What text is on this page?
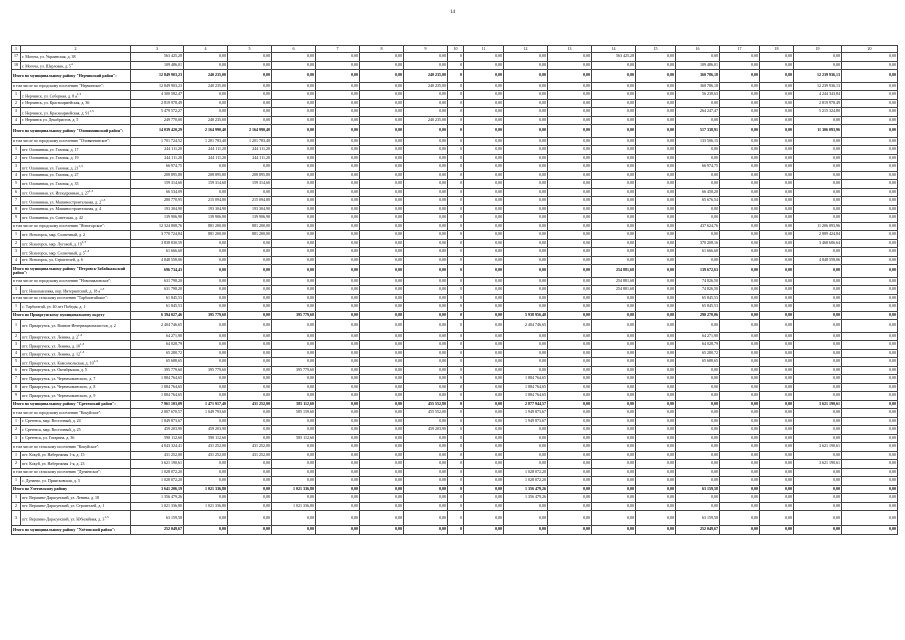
14
1	2	3	4	5	6	7	8	9	10	11	12	13	14	15	16	17	18	19	20
17	г. Могоча, ул. Украинская, д. 38	563 425,28	0,00	0,00	0,00	0,00	0,00	0,00	0	0,00	0,00	0,00	563 425,28	0,00	0,00	0,00	0,00	0,00	0,00
18	г. Могоча, ул. Шерловая, д. $5^4$	109 486,01	0,00	0,00	0,00	0,00	0,00	0,00	0	0,00	0,00	0,00	0,00	0,00	109 486,01	0,00	0,00	0,00	0,00
Итого по муниципальному району "Нерчинский район":		12 849 903,23	240 235,00	0,00	0,00	0,00	0,00	240 235,00	0	0,00	0,00	0,00	0,00	0,00	360 786,18	0,00	0,00	12 239 936,13	0,00
в том числе по городскому поселению "Нерчинское":		12 849 903,23	240 235,00	0,00	0,00	0,00	0,00	240 235,00	0	0,00	0,00	0,00	0,00	0,00	360 786,18	0,00	0,00	12 239 936,13	0,00
1	г. Нерчинск, ул. Соборная, д. 8 $а^{1,3}$	4 300 582,47	0,00	0,00	0,00	0,00	0,00	0,00	0	0,00	0,00	0,00	0,00	0,00	56 238,63	0,00	0,00	4 244 343,84	0,00
2	г. Нерчинск, ул. Красноармейская, д. 36	2 819 978,49	0,00	0,00	0,00	0,00	0,00	0,00	0	0,00	0,00	0,00	0,00	0,00	0,00	0,00	0,00	2 819 978,49	0,00
3	г. Нерчинск, ул. Красноармейская, д. 91$^{1,3}$	5 479 572,27	0,00	0,00	0,00	0,00	0,00	0,00	0	0,00	0,00	0,00	0,00	0,00	264 247,47	0,00	0,00	5 215 324,80	0,00
4	г. Нерчинск ул. Декабристов, д. 5	249 770,00	240 235,00	0,00	0,00	0,00	0,00	240 235,00	0	0,00	0,00	0,00	0,00	0,00	0,00	0,00	0,00	0,00	0,00
Итого по муниципальному району "Оловяннинский район":		14 039 420,29	2 164 990,40	2 164 990,40	0,00	0,00	0,00	0,00	0	0,00	0,00	0,00	0,00	0,00	517 338,91	0,00	0,00	11 306 093,96	0,00
в том числе по городскому поселению "Оловяннинское":		1 701 724,52	1 201 783,40	1 201 783,40	0,00	0,00	0,00	0,00	0	0,00	0,00	0,00	0,00	0,00	133 506,15	0,00	0,00	0,00	0,00
1	пгт. Оловянная, ул. Газовая, д. 17	244 111,20	244 111,20	244 111,20	0,00	0,00	0,00	0,00	0	0,00	0,00	0,00	0,00	0,00	0,00	0,00	0,00	0,00	0,00
2	пгт. Оловянная, ул. Газовая, д. 19	244 111,20	244 111,20	244 111,20	0,00	0,00	0,00	0,00	0	0,00	0,00	0,00	0,00	0,00	0,00	0,00	0,00	0,00	0,00
3	пгт. Оловянная, ул. Газовая, д. 21$^{1,3}$	66 974,75	0,00	0,00	0,00	0,00	0,00	0,00	0	0,00	0,00	0,00	0,00	0,00	66 974,75	0,00	0,00	0,00	0,00
4	пгт. Оловянная, ул. Газовая, д. 27	208 895,80	208 895,80	208 895,80	0,00	0,00	0,00	0,00	0	0,00	0,00	0,00	0,00	0,00	0,00	0,00	0,00	0,00	0,00
5	пгт. Оловянная, ул. Газовая, д. 35	159 314,60	159 314,60	159 314,60	0,00	0,00	0,00	0,00	0	0,00	0,00	0,00	0,00	0,00	0,00	0,00	0,00	0,00	0,00
6	пгт. Оловянная, ул. Ипподромная, д. 27$^{1,3}$	66 534,09	0,00	0,00	0,00	0,00	0,00	0,00	0	0,00	0,00	0,00	0,00	0,00	66 458,20	0,00	0,00	0,00	0,00
7	пгт. Оловянная, ул. Машиностроительная, д. 2$^{1,3}$	280 770,95	215 094,80	215 094,80	0,00	0,00	0,00	0,00	0	0,00	0,00	0,00	0,00	0,00	65 676,54	0,00	0,00	0,00	0,00
8	пгт. Оловянная, ул. Машиностроительная, д. 4	193 304,90	193 304,90	193 304,90	0,00	0,00	0,00	0,00	0	0,00	0,00	0,00	0,00	0,00	0,00	0,00	0,00	0,00	0,00
9	пгт. Оловянная, ул. Советская, д. 42	139 906,90	139 906,90	139 906,90	0,00	0,00	0,00	0,00	0	0,00	0,00	0,00	0,00	0,00	0,00	0,00	0,00	0,00	0,00
в том числе по городскому поселению "Ясногорское":		12 324 808,76	881 200,00	881 200,00	0,00	0,00	0,00	0,00	0	0,00	0,00	0,00	0,00	0,00	437 624,76	0,00	0,00	11 206 093,96	0,00
1	пгт. Ясногорск, мкр. Солнечный, д. 2	3 770 724,84	881 200,00	881 200,00	0,00	0,00	0,00	0,00	0	0,00	0,00	0,00	0,00	0,00	0,00	0,00	0,00	2 889 424,84	0,00
2	пгт. Ясногорск, мкр. Луговой, д. 19$^{1,3}$	3 838 830,59	0,00	0,00	0,00	0,00	0,00	0,00	0	0,00	0,00	0,00	0,00	0,00	370 208,16	0,00	0,00	3 468 606,64	0,00
3	пгт. Ясногорск, мкр. Солнечный, д. 5$^{1,3}$	61 666,60	0,00	0,00	0,00	0,00	0,00	0,00	0	0,00	0,00	0,00	0,00	0,00	61 666,60	0,00	0,00	0,00	0,00
4	пгт. Ясногорск, ул. Строителей, д. 6	4 848 558,06	0,00	0,00	0,00	0,00	0,00	0,00	0	0,00	0,00	0,00	0,00	0,00	0,00	0,00	0,00	4 848 558,06	0,00
Итого по муниципальному району "Петровск-Забайкальский район":		696 734,43	0,00	0,00	0,00	0,00	0,00	0,00	0	0,00	0,00	0,00	254 881,68	0,00	139 672,63	0,00	0,00	0,00	0,00
в том числе по городскому поселению "Новопавловское":		631 798,20	0,00	0,00	0,00	0,00	0,00	0,00	0	0,00	0,00	0,00	254 881,68	0,00	74 826,50	0,00	0,00	0,00	0,00
1	пгт. Новопавловка, пер. Интернатский, д. 18 $а^{1,3}$	631 798,20	0,00	0,00	0,00	0,00	0,00	0,00	0	0,00	0,00	0,00	254 881,68	0,00	74 826,50	0,00	0,00	0,00	0,00
в том числе по сельскому поселению "Тарбагатайское":		61 845,53	0,00	0,00	0,00	0,00	0,00	0,00	0	0,00	0,00	0,00	0,00	0,00	65 845,53	0,00	0,00	0,00	0,00
1	с. Тарбагатай, ул. 40 лет Победы, д. 1	61 845,53	0,00	0,00	0,00	0,00	0,00	0,00	0	0,00	0,00	0,00	0,00	0,00	65 845,53	0,00	0,00	0,00	0,00
Итого по Приаргунскому муниципальному округу		6 394 027,46	395 779,60	0,00	395 779,60	0,00	0,00	0,00	0	0,00	5 938 956,40	0,00	0,00	0,00	290 270,06	0,00	0,00	0,00	0,00
1	пгт. Приаргунск, ул. Воинов-Интернационалистов, д. 2	2 404 746,65	0,00	0,00	0,00	0,00	0,00	0,00	0	0,00	2 404 746,65	0,00	0,00	0,00	0,00	0,00	0,00	0,00	0,00
2	пгт. Приаргунск, ул. Ленина, д. 2$^{1,3}$	64 271,90	0,00	0,00	0,00	0,00	0,00	0,00	0	0,00	0,00	0,00	0,00	0,00	64 271,90	0,00	0,00	0,00	0,00
3	пгт. Приаргунск, ул. Ленина, д. 10$^{1,3}$	64 028,79	0,00	0,00	0,00	0,00	0,00	0,00	0	0,00	0,00	0,00	0,00	0,00	64 028,79	0,00	0,00	0,00	0,00
4	пгт. Приаргунск, ул. Ленина, д. 12$^{1,3}$	65 280,72	0,00	0,00	0,00	0,00	0,00	0,00	0	0,00	0,00	0,00	0,00	0,00	65 280,72	0,00	0,00	0,00	0,00
5	пгт. Приаргунск, ул. Комсомольская, д. 10$^{1,3}$	65 688,65	0,00	0,00	0,00	0,00	0,00	0,00	0	0,00	0,00	0,00	0,00	0,00	65 688,65	0,00	0,00	0,00	0,00
6	пгт. Приаргунск, ул. Октябрьская, д. 5	395 779,60	395 779,60	0,00	395 779,60	0,00	0,00	0,00	0	0,00	0,00	0,00	0,00	0,00	0,00	0,00	0,00	0,00	0,00
7	пгт. Приаргунск, ул. Черемхоманского, д. 7	1 884 764,65	0,00	0,00	0,00	0,00	0,00	0,00	0	0,00	1 884 764,65	0,00	0,00	0,00	0,00	0,00	0,00	0,00	0,00
8	пгт. Приаргунск, ул. Черемхоманского, д. 8	1 884 764,65	0,00	0,00	0,00	0,00	0,00	0,00	0	0,00	1 884 764,65	0,00	0,00	0,00	0,00	0,00	0,00	0,00	0,00
9	пгт. Приаргунск, ул. Черемхоманского, д. 9	1 884 764,65	0,00	0,00	0,00	0,00	0,00	0,00	0	0,00	1 884 764,65	0,00	0,00	0,00	0,00	0,00	0,00	0,00	0,00
Итого по муниципальному району "Сретенский район":		7 961 103,09	1 471 917,40	431 252,00	585 112,60	0,00	0,00	455 552,80	0	0,00	2 877 944,57	0,00	0,00	0,00	0,00	0,00	0,00	3 621 190,61	0,00
в том числе по городскому поселению "Кокуйское":		2 807 670,57	1 049 793,60	0,00	585 159,60	0,00	0,00	455 552,00	0	0,00	1 949 873,67	0,00	0,00	0,00	0,00	0,00	0,00	0,00	0,00
1	г. Сретенск, мкр. Восточный, д. 24	1 849 873,67	0,00	0,00	0,00	0,00	0,00	0,00	0	0,00	1 949 873,67	0,00	0,00	0,00	0,00	0,00	0,00	0,00	0,00
2	г. Сретенск, мкр. Восточный, д. 25	459 203,90	459 203,90	0,00	0,00	0,00	0,00	459 203,90	0	0,00	0,00	0,00	0,00	0,00	0,00	0,00	0,00	0,00	0,00
3	г. Сретенск, ул. Гагарина, д. 36	590 112,60	590 112,60	0,00	585 112,60	0,00	0,00	0,00	0	0,00	0,00	0,00	0,00	0,00	0,00	0,00	0,00	0,00	0,00
в том числе по сельскому поселению "Кокуйское":		4 043 324,41	431 252,00	431 252,00	0,00	0,00	0,00	0,00	0	0,00	0,00	0,00	0,00	0,00	0,00	0,00	0,00	3 621 190,61	0,00
1	пгт. Кокуй, ул. Набережная 1-я, д. 15	431 252,00	431 252,00	431 252,00	0,00	0,00	0,00	0,00	0	0,00	0,00	0,00	0,00	0,00	0,00	0,00	0,00	0,00	0,00
2	пгт. Кокуй, ул. Набережная 1-я, д. 23	3 621 190,61	0,00	0,00	0,00	0,00	0,00	0,00	0	0,00	0,00	0,00	0,00	0,00	0,00	0,00	0,00	3 621 190,61	0,00
в том числе по сельскому поселению "Дунаевское":		1 028 072,20	0,00	0,00	0,00	0,00	0,00	0,00	0	0,00	1 028 072,20	0,00	0,00	0,00	0,00	0,00	0,00	0,00	0,00
1	с. Дунаево, ул. Приисковская, д. 3	1 028 072,20	0,00	0,00	0,00	0,00	0,00	0,00	0	0,00	1 028 072,20	0,00	0,00	0,00	0,00	0,00	0,00	0,00	0,00
Итого по Улетовскому району		3 641 206,19	1 021 336,80	0,00	1 021 336,80	0,00	0,00	0,00	0	0,00	1 356 479,26	0,00	0,00	0,00	63 159,58	0,00	0,00	0,00	0,00
1	пгт. Вершино-Дарасунский, ул. Ленина, д. 18	1 356 479,26	0,00	0,00	0,00	0,00	0,00	0,00	0	0,00	1 356 479,26	0,00	0,00	0,00	0,00	0,00	0,00	0,00	0,00
2	пгт. Вершино-Дарасунский, ул. Строителей, д. 1	1 021 336,80	1 021 336,80	0,00	1 021 336,80	0,00	0,00	0,00	0	0,00	0,00	0,00	0,00	0,00	0,00	0,00	0,00	0,00	0,00
3	пгт. Вершино-Дарасунский, ул. Юбилейная, д. 3$^{1,3}$	63 159,58	0,00	0,00	0,00	0,00	0,00	0,00	0	0,00	0,00	0,00	0,00	0,00	63 159,58	0,00	0,00	0,00	0,00
Итого по муниципальному району "Улётовский район":		252 049,67	0,00	0,00	0,00	0,00	0,00	0,00	0	0,00	0,00	0,00	0,00	0,00	252 049,67	0,00	0,00	0,00	0,00
